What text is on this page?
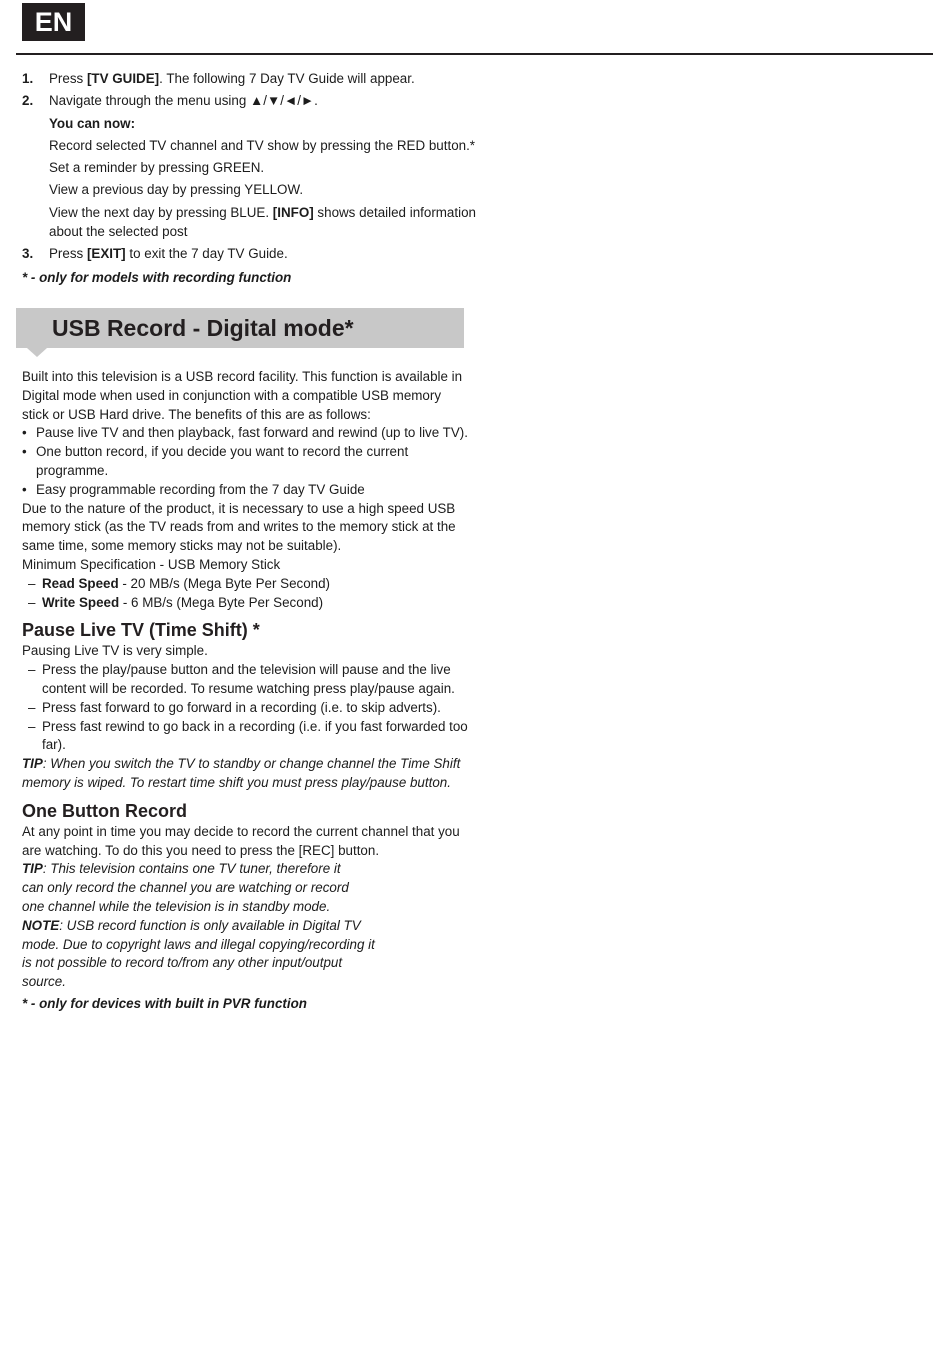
EN
1. Press [TV GUIDE]. The following 7 Day TV Guide will appear.
2. Navigate through the menu using ▲/▼/◄/►.

You can now:

Record selected TV channel and TV show by pressing the RED button.*

Set a reminder by pressing GREEN.

View a previous day by pressing YELLOW.

View the next day by pressing BLUE. [INFO] shows detailed information about the selected post

3. Press [EXIT] to exit the 7 day TV Guide.
* - only for models with recording function
USB Record - Digital mode*

Built into this television is a USB record facility. This function is available in Digital mode when used in conjunction with a compatible USB memory stick or USB Hard drive. The benefits of this are as follows:

• Pause live TV and then playback, fast forward and rewind (up to live TV).
• One button record, if you decide you want to record the current programme.
• Easy programmable recording from the 7 day TV Guide

Due to the nature of the product, it is necessary to use a high speed USB memory stick (as the TV reads from and writes to the memory stick at the same time, some memory sticks may not be suitable).

Minimum Specification - USB Memory Stick

– Read Speed - 20 MB/s (Mega Byte Per Second)
– Write Speed - 6 MB/s (Mega Byte Per Second)
Pause Live TV (Time Shift) *

Pausing Live TV is very simple.

– Press the play/pause button and the television will pause and the live content will be recorded. To resume watching press play/pause again.
– Press fast forward to go forward in a recording (i.e. to skip adverts).
– Press fast rewind to go back in a recording (i.e. if you fast forwarded too far).

TIP: When you switch the TV to standby or change channel the Time Shift memory is wiped. To restart time shift you must press play/pause button.

One Button Record

At any point in time you may decide to record the current channel that you are watching. To do this you need to press the [REC] button.

TIP: This television contains one TV tuner, therefore it can only record the channel you are watching or record one channel while the television is in standby mode.

NOTE: USB record function is only available in Digital TV mode. Due to copyright laws and illegal copying/recording it is not possible to record to/from any other input/output source.

* - only for devices with built in PVR function
